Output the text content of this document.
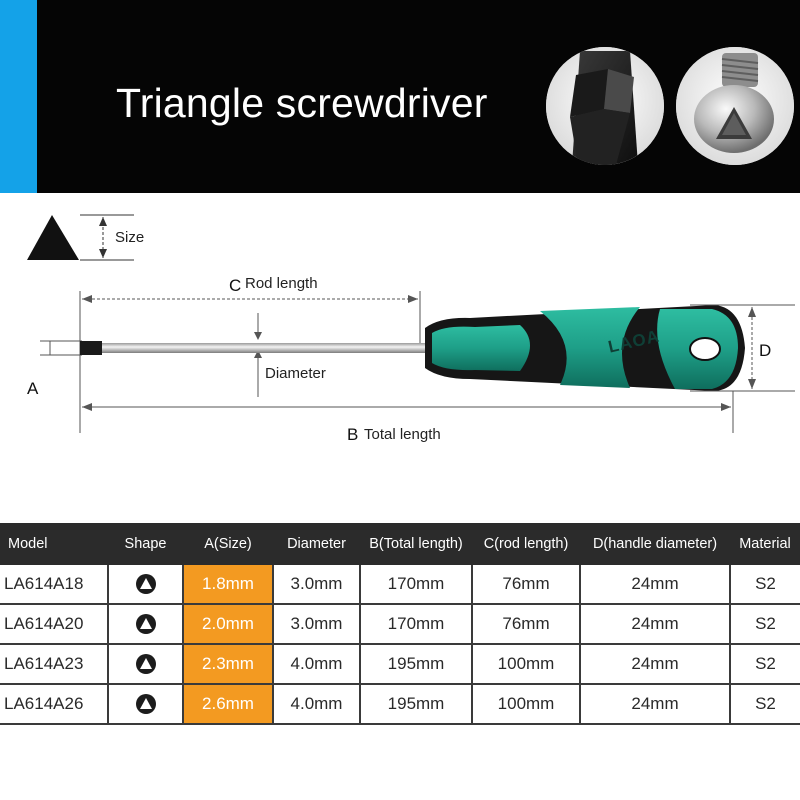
Triangle screwdriver
Size
C Rod length
Diameter
A
D
B Total length
LAOA
Model	Shape	A(Size)	Diameter	B(Total length)	C(rod length)	D(handle diameter)	Material
LA614A18		1.8mm	3.0mm	170mm	76mm	24mm	S2
LA614A20		2.0mm	3.0mm	170mm	76mm	24mm	S2
LA614A23		2.3mm	4.0mm	195mm	100mm	24mm	S2
LA614A26		2.6mm	4.0mm	195mm	100mm	24mm	S2
